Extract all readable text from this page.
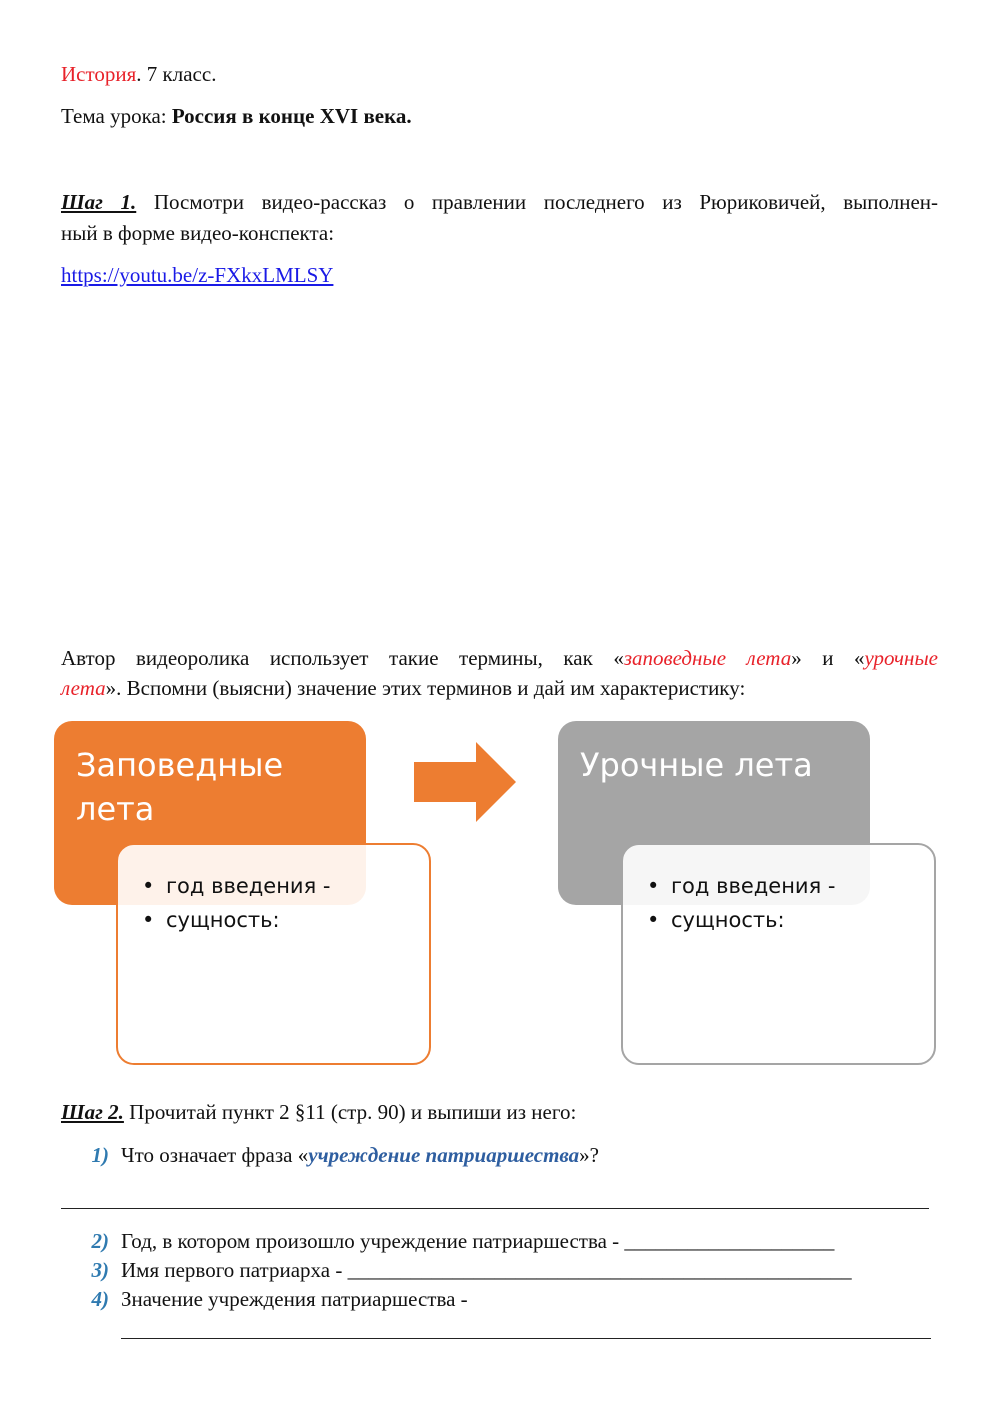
История. 7 класс.
Тема урока: Россия в конце XVI века.
Шаг 1. Посмотри видео-рассказ о правлении последнего из Рюриковичей, выполнен-
ный в форме видео-конспекта:
https://youtu.be/z-FXkxLMLSY
Автор видеоролика использует такие термины, как «заповедные лета» и «урочные
лета». Вспомни (выясни) значение этих терминов и дай им характеристику:
Заповедные
лета
• год введения -
• сущность:
Урочные лета
• год введения -
• сущность:
Шаг 2. Прочитай пункт 2 §11 (стр. 90) и выпиши из него:
1) Что означает фраза «учреждение патриаршества»?
2) Год, в котором произошло учреждение патриаршества - ____________________
3) Имя первого патриарха - ________________________________________________
4) Значение учреждения патриаршества -
